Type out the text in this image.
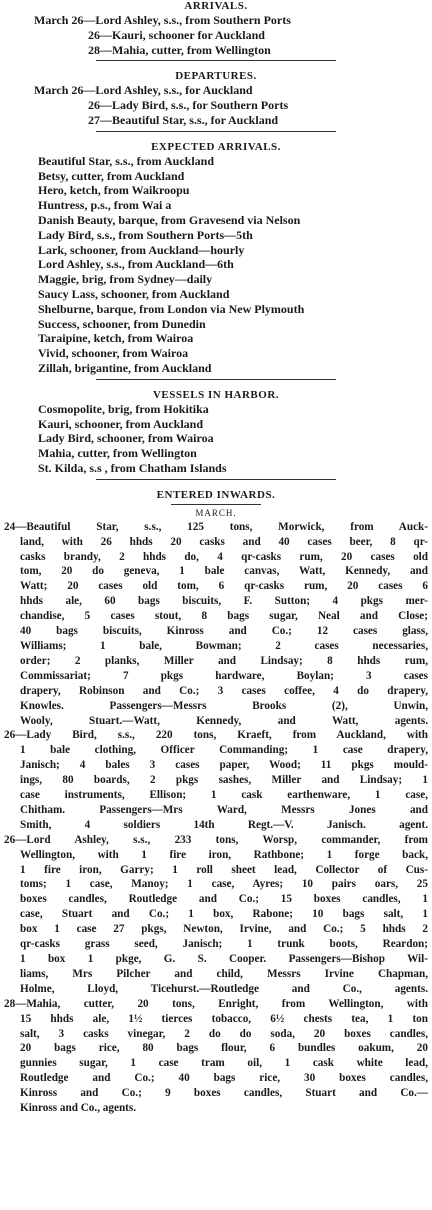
ARRIVALS.
March 26—Lord Ashley, s.s., from Southern Ports
26—Kauri, schooner for Auckland
28—Mahia, cutter, from Wellington
DEPARTURES.
March 26—Lord Ashley, s.s., for Auckland
26—Lady Bird, s.s., for Southern Ports
27—Beautiful Star, s.s., for Auckland
EXPECTED ARRIVALS.
Beautiful Star, s.s., from Auckland
Betsy, cutter, from Auckland
Hero, ketch, from Waikroopu
Huntress, p.s., from Wai a
Danish Beauty, barque, from Gravesend via Nelson
Lady Bird, s.s., from Southern Ports—5th
Lark, schooner, from Auckland—hourly
Lord Ashley, s.s., from Auckland—6th
Maggie, brig, from Sydney—daily
Saucy Lass, schooner, from Auckland
Shelburne, barque, from London via New Plymouth
Success, schooner, from Dunedin
Taraipine, ketch, from Wairoa
Vivid, schooner, from Wairoa
Zillah, brigantine, from Auckland
VESSELS IN HARBOR.
Cosmopolite, brig, from Hokitika
Kauri, schooner, from Auckland
Lady Bird, schooner, from Wairoa
Mahia, cutter, from Wellington
St. Kilda, s.s , from Chatham Islands
ENTERED INWARDS.
MARCH.
24—Beautiful Star, s.s., 125 tons, Morwick, from Auck-
land, with 26 hhds 20 casks and 40 cases beer, 8 qr-
casks brandy, 2 hhds do, 4 qr-casks rum, 20 cases old
tom, 20 do geneva, 1 bale canvas, Watt, Kennedy, and
Watt; 20 cases old tom, 6 qr-casks rum, 20 cases 6
hhds ale, 60 bags biscuits, F. Sutton; 4 pkgs mer-
chandise, 5 cases stout, 8 bags sugar, Neal and Close;
40 bags biscuits, Kinross and Co.; 12 cases glass,
Williams; 1 bale, Bowman; 2 cases necessaries,
order; 2 planks, Miller and Lindsay; 8 hhds rum,
Commissariat; 7 pkgs hardware, Boylan; 3 cases
drapery, Robinson and Co.; 3 cases coffee, 4 do drapery,
Knowles. Passengers—Messrs Brooks (2), Unwin,
Wooly, Stuart.—Watt, Kennedy, and Watt, agents.
26—Lady Bird, s.s., 220 tons, Kraeft, from Auckland, with
1 bale clothing, Officer Commanding; 1 case drapery,
Janisch; 4 bales 3 cases paper, Wood; 11 pkgs mould-
ings, 80 boards, 2 pkgs sashes, Miller and Lindsay; 1
case instruments, Ellison; 1 cask earthenware, 1 case,
Chitham. Passengers—Mrs Ward, Messrs Jones and
Smith, 4 soldiers 14th Regt.—V. Janisch. agent.
26—Lord Ashley, s.s., 233 tons, Worsp, commander, from
Wellington, with 1 fire iron, Rathbone; 1 forge back,
1 fire iron, Garry; 1 roll sheet lead, Collector of Cus-
toms; 1 case, Manoy; 1 case, Ayres; 10 pairs oars, 25
boxes candles, Routledge and Co.; 15 boxes candles, 1
case, Stuart and Co.; 1 box, Rabone; 10 bags salt, 1
box 1 case 27 pkgs, Newton, Irvine, and Co.; 5 hhds 2
qr-casks grass seed, Janisch; 1 trunk boots, Reardon;
1 box 1 pkge, G. S. Cooper. Passengers—Bishop Wil-
liams, Mrs Pilcher and child, Messrs Irvine Chapman,
Holme, Lloyd, Ticehurst.—Routledge and Co., agents.
28—Mahia, cutter, 20 tons, Enright, from Wellington, with
15 hhds ale, 1½ tierces tobacco, 6½ chests tea, 1 ton
salt, 3 casks vinegar, 2 do do soda, 20 boxes candles,
20 bags rice, 80 bags flour, 6 bundles oakum, 20
gunnies sugar, 1 case tram oil, 1 cask white lead,
Routledge and Co.; 40 bags rice, 30 boxes candles,
Kinross and Co.; 9 boxes candles, Stuart and Co.—
Kinross and Co., agents.
